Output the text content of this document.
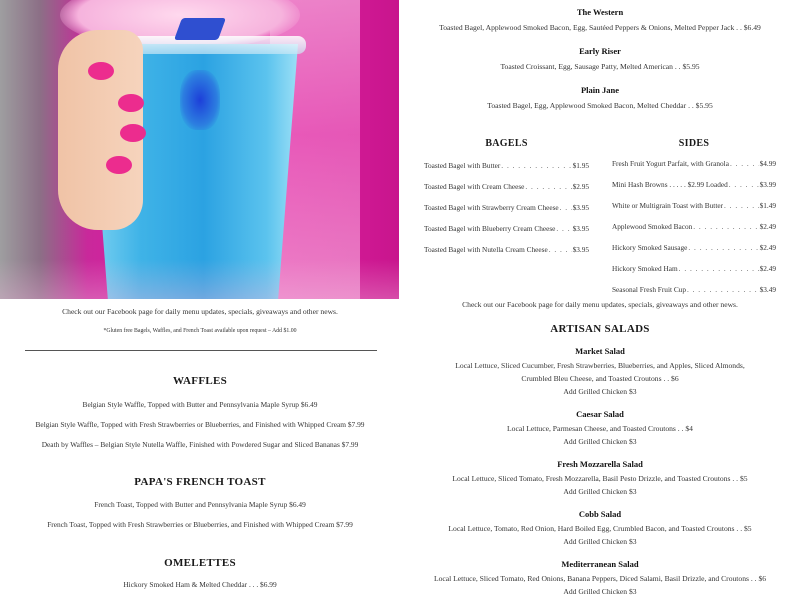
The Western
Toasted Bagel, Applewood Smoked Bacon, Egg, Sautéed Peppers & Onions, Melted Pepper Jack . . $6.49
Early Riser
Toasted Croissant, Egg, Sausage Patty, Melted American . . $5.95
Plain Jane
Toasted Bagel, Egg, Applewood Smoked Bacon, Melted Cheddar . . $5.95
BAGELS
Toasted Bagel with Butter . . .	$1.95
Toasted Bagel with Cream Cheese . . .	$2.95
Toasted Bagel with Strawberry Cream Cheese . . . $3.95
Toasted Bagel with Blueberry Cream Cheese . . . $3.95
Toasted Bagel with Nutella Cream Cheese . . .	$3.95
SIDES
Fresh Fruit Yogurt Parfait, with Granola . . .	$4.99
Mini Hash Browns . . . . . $2.99 Loaded . . .	$3.99
White or Multigrain Toast with Butter . . .	$1.49
Applewood Smoked Bacon . . .	$2.49
Hickory Smoked Sausage . . .	$2.49
Hickory Smoked Ham . . .	$2.49
Seasonal Fresh Fruit Cup . . .	$3.49
Check out our Facebook page for daily menu updates, specials, giveaways and other news.
Check out our Facebook page for daily menu updates, specials, giveaways and other news.
*Gluten free Bagels, Waffles, and French Toast available upon request – Add $1.00
WAFFLES
Belgian Style Waffle, Topped with Butter and Pennsylvania Maple Syrup $6.49
Belgian Style Waffle, Topped with Fresh Strawberries or Blueberries, and Finished with Whipped Cream $7.99
Death by Waffles – Belgian Style Nutella Waffle, Finished with Powdered Sugar and Sliced Bananas $7.99
PAPA'S FRENCH TOAST
French Toast, Topped with Butter and Pennsylvania Maple Syrup $6.49
French Toast, Topped with Fresh Strawberries or Blueberries, and Finished with Whipped Cream $7.99
OMELETTES
Hickory Smoked Ham & Melted Cheddar . . . $6.99
ARTISAN SALADS
Market Salad
Local Lettuce, Sliced Cucumber, Fresh Strawberries, Blueberries, and Apples, Sliced Almonds,
Crumbled Bleu Cheese, and Toasted Croutons . . $6
Add Grilled Chicken $3
Caesar Salad
Local Lettuce, Parmesan Cheese, and Toasted Croutons . . $4
Add Grilled Chicken $3
Fresh Mozzarella Salad
Local Lettuce, Sliced Tomato, Fresh Mozzarella, Basil Pesto Drizzle, and Toasted Croutons . . $5
Add Grilled Chicken $3
Cobb Salad
Local Lettuce, Tomato, Red Onion, Hard Boiled Egg, Crumbled Bacon, and Toasted Croutons . . $5
Add Grilled Chicken $3
Mediterranean Salad
Local Lettuce, Sliced Tomato, Red Onions, Banana Peppers, Diced Salami, Basil Drizzle, and Croutons . . $6
Add Grilled Chicken $3
